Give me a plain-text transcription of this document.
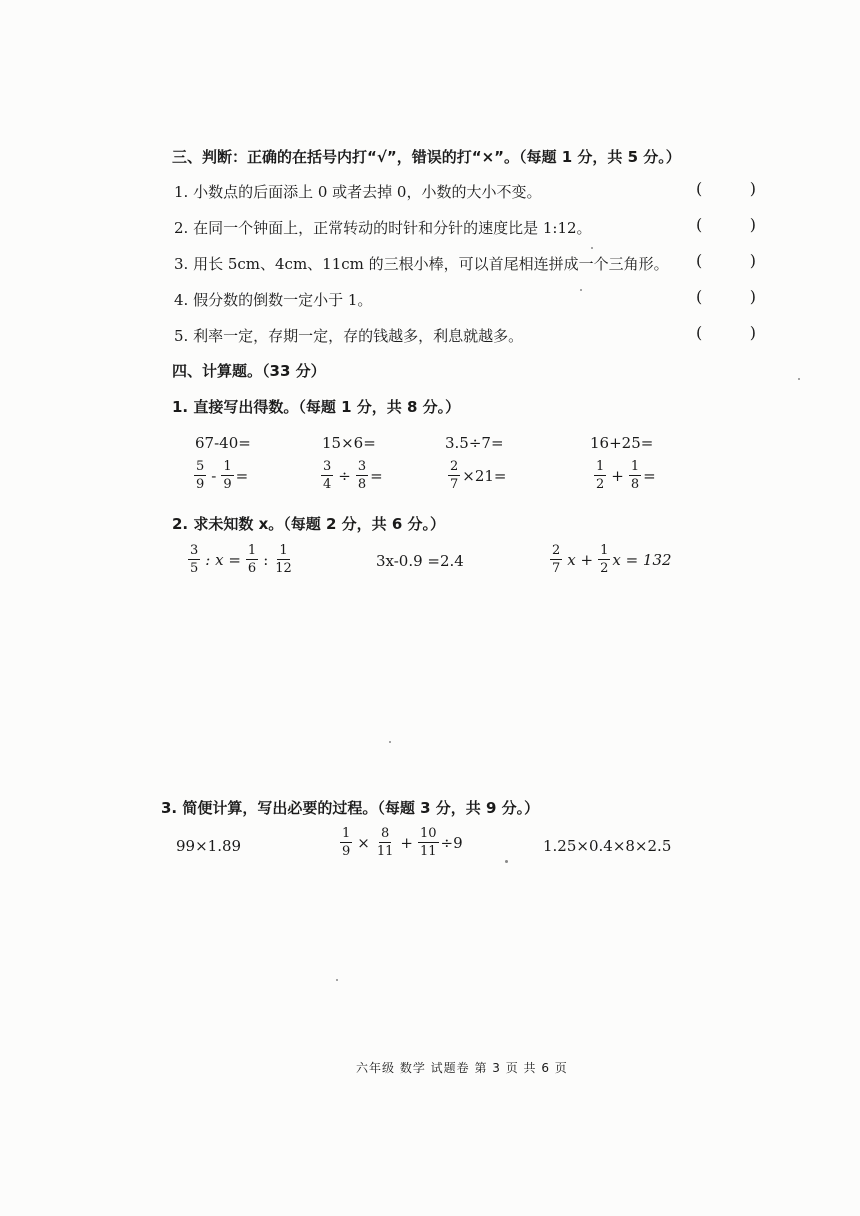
三、判断：正确的在括号内打“√”，错误的打“×”。（每题 1 分，共 5 分。）
1. 小数点的后面添上 0 或者去掉 0，小数的大小不变。	(	)
2. 在同一个钟面上，正常转动的时针和分针的速度比是 1:12。	(	)
3. 用长 5cm、4cm、11cm 的三根小棒，可以首尾相连拼成一个三角形。 (	)
4. 假分数的倒数一定小于 1。	(	)
5. 利率一定，存期一定，存的钱越多，利息就越多。	(	)
四、计算题。（33 分）
1. 直接写出得数。（每题 1 分，共 8 分。）
67-40=	15×6=	3.5÷7=	16+25=
$\frac{5}{9} - \frac{1}{9}$ =	$\frac{3}{4} \div \frac{3}{8}$ =	$\frac{2}{7} \times 21=$	$\frac{1}{2} + \frac{1}{8}$ =
2. 求未知数 x。（每题 2 分，共 6 分。）
$\frac{3}{5}$ : $x = \frac{1}{6}$ : $\frac{1}{12}$	3x-0.9 =2.4	$\frac{2}{7}$ $x + \frac{1}{2}$ x = 132
3. 简便计算，写出必要的过程。（每题 3 分，共 9 分。）
99×1.89	$\frac{1}{9} \times \frac{8}{11} + \frac{10}{11} \div 9$	1.25×0.4×8×2.5
六年级 数学 试题卷 第 3 页 共 6 页
